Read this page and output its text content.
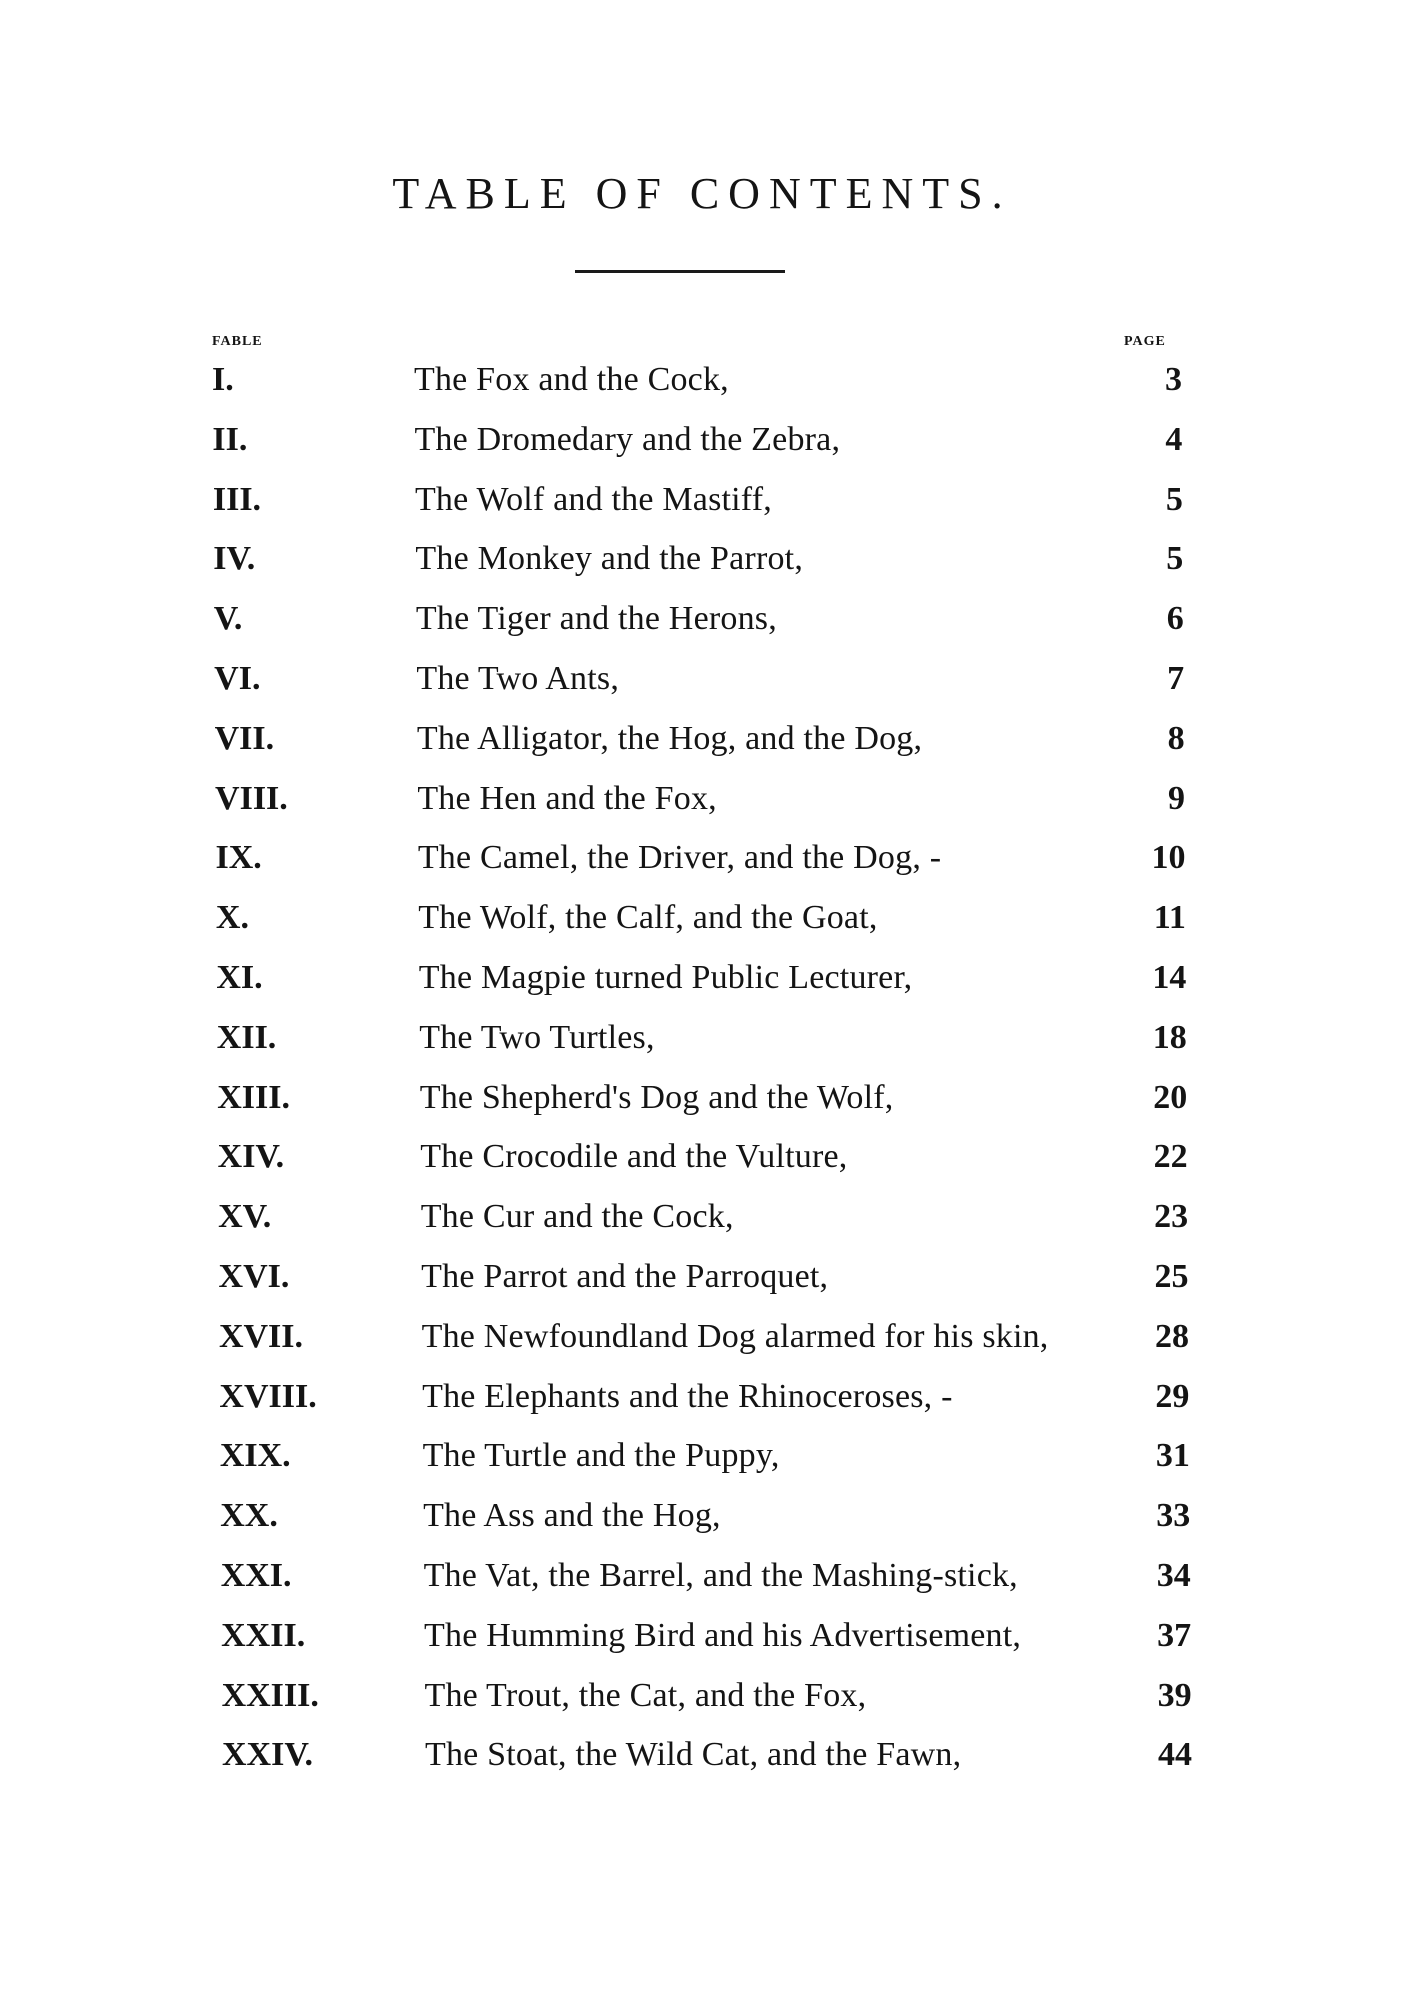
TABLE OF CONTENTS.
FABLE	PAGE
I.	The Fox and the Cock,	3
II.	The Dromedary and the Zebra,	4
III.	The Wolf and the Mastiff,	5
IV.	The Monkey and the Parrot,	5
V.	The Tiger and the Herons,	6
VI.	The Two Ants,	7
VII.	The Alligator, the Hog, and the Dog,	8
VIII.	The Hen and the Fox,	9
IX.	The Camel, the Driver, and the Dog, -	10
X.	The Wolf, the Calf, and the Goat,	11
XI.	The Magpie turned Public Lecturer,	14
XII.	The Two Turtles,	18
XIII.	The Shepherd's Dog and the Wolf,	20
XIV.	The Crocodile and the Vulture,	22
XV.	The Cur and the Cock,	23
XVI.	The Parrot and the Parroquet,	25
XVII.	The Newfoundland Dog alarmed for his skin,	28
XVIII.	The Elephants and the Rhinoceroses, -	29
XIX.	The Turtle and the Puppy,	31
XX.	The Ass and the Hog,	33
XXI.	The Vat, the Barrel, and the Mashing-stick,	34
XXII.	The Humming Bird and his Advertisement,	37
XXIII.	The Trout, the Cat, and the Fox,	39
XXIV.	The Stoat, the Wild Cat, and the Fawn,	44
